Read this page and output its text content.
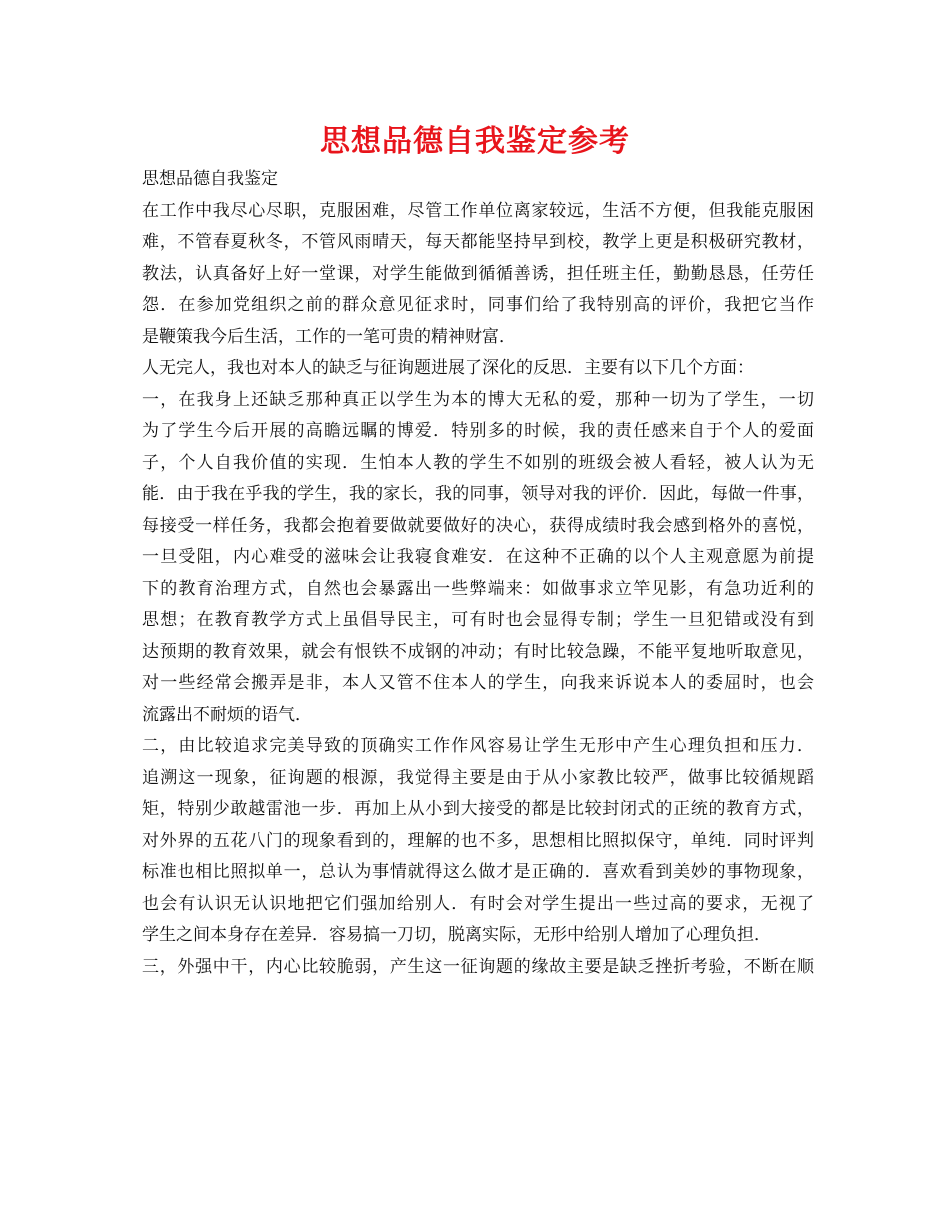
思想品德自我鉴定参考
思想品德自我鉴定
在工作中我尽心尽职，克服困难，尽管工作单位离家较远，生活不方便，但我能克服困
难，不管春夏秋冬，不管风雨晴天，每天都能坚持早到校，教学上更是积极研究教材，
教法，认真备好上好一堂课，对学生能做到循循善诱，担任班主任，勤勤恳恳，任劳任
怨．在参加党组织之前的群众意见征求时，同事们给了我特别高的评价，我把它当作
是鞭策我今后生活，工作的一笔可贵的精神财富．
人无完人，我也对本人的缺乏与征询题进展了深化的反思．主要有以下几个方面：
一，在我身上还缺乏那种真正以学生为本的博大无私的爱，那种一切为了学生，一切
为了学生今后开展的高瞻远瞩的博爱．特别多的时候，我的责任感来自于个人的爱面
子，个人自我价值的实现．生怕本人教的学生不如别的班级会被人看轻，被人认为无
能．由于我在乎我的学生，我的家长，我的同事，领导对我的评价．因此，每做一件事，
每接受一样任务，我都会抱着要做就要做好的决心，获得成绩时我会感到格外的喜悦，
一旦受阻，内心难受的滋味会让我寝食难安．在这种不正确的以个人主观意愿为前提
下的教育治理方式，自然也会暴露出一些弊端来：如做事求立竿见影，有急功近利的
思想；在教育教学方式上虽倡导民主，可有时也会显得专制；学生一旦犯错或没有到
达预期的教育效果，就会有恨铁不成钢的冲动；有时比较急躁，不能平复地听取意见，
对一些经常会搬弄是非，本人又管不住本人的学生，向我来诉说本人的委屈时，也会
流露出不耐烦的语气．
二，由比较追求完美导致的顶确实工作作风容易让学生无形中产生心理负担和压力．
追溯这一现象，征询题的根源，我觉得主要是由于从小家教比较严，做事比较循规蹈
矩，特别少敢越雷池一步．再加上从小到大接受的都是比较封闭式的正统的教育方式，
对外界的五花八门的现象看到的，理解的也不多，思想相比照拟保守，单纯．同时评判
标准也相比照拟单一，总认为事情就得这么做才是正确的．喜欢看到美妙的事物现象，
也会有认识无认识地把它们强加给别人．有时会对学生提出一些过高的要求，无视了
学生之间本身存在差异．容易搞一刀切，脱离实际，无形中给别人增加了心理负担．
三，外强中干，内心比较脆弱，产生这一征询题的缘故主要是缺乏挫折考验，不断在顺
